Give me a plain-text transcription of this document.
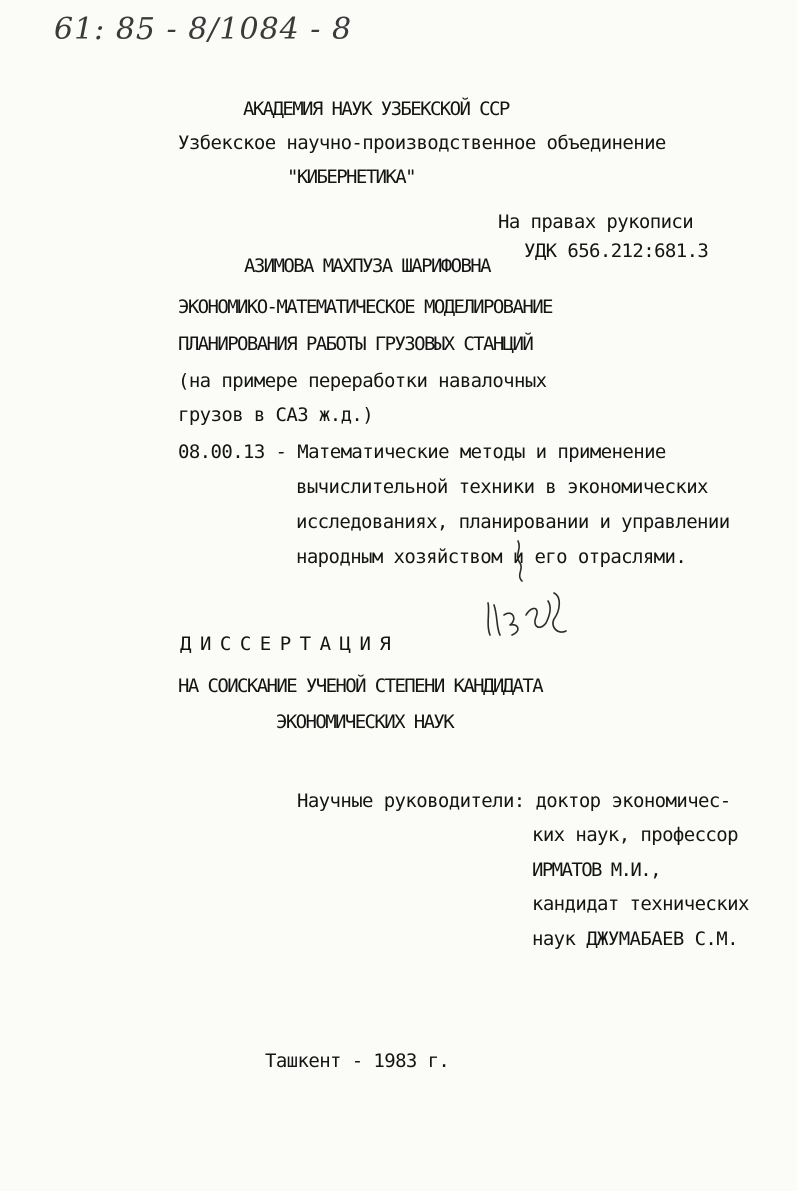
61: 85 - 8/1084 - 8
АКАДЕМИЯ НАУК УЗБЕКСКОЙ ССР
Узбекское научно-производственное объединение
"КИБЕРНЕТИКА"
На правах рукописи
УДК 656.212:681.3
АЗИМОВА МАХПУЗА ШАРИФОВНА
ЭКОНОМИКО-МАТЕМАТИЧЕСКОЕ МОДЕЛИРОВАНИЕ
ПЛАНИРОВАНИЯ РАБОТЫ ГРУЗОВЫХ СТАНЦИЙ
(на примере переработки навалочных
грузов в САЗ ж.д.)
08.00.13 - Математические методы и применение
вычислительной техники в экономических
исследованиях, планировании и управлении
народным хозяйством и его отраслями.
ДИССЕРТАЦИЯ
НА СОИСКАНИЕ УЧЕНОЙ СТЕПЕНИ КАНДИДАТА
ЭКОНОМИЧЕСКИХ НАУК
Научные руководители: доктор экономичес-
ких наук, профессор
ИРМАТОВ М.И.,
кандидат технических
наук ДЖУМАБАЕВ С.М.
Ташкент - 1983 г.
